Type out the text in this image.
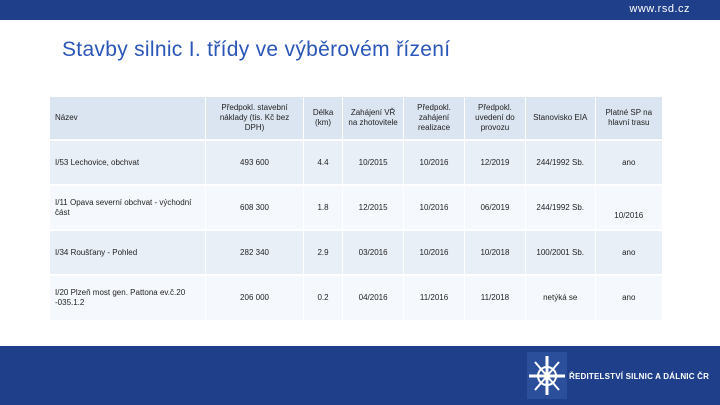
www.rsd.cz
Stavby silnic I. třídy ve výběrovém řízení
Název	Předpokl. stavební náklady (tis. Kč bez DPH)	Délka (km)	Zahájení VŘ na zhotovitele	Předpokl. zahájení realizace	Předpokl. uvedení do provozu	Stanovisko EIA	Platné SP na hlavní trasu
I/53 Lechovice, obchvat	493 600	4.4	10/2015	10/2016	12/2019	244/1992 Sb.	ano
I/11 Opava severní obchvat - východní část	608 300	1.8	12/2015	10/2016	06/2019	244/1992 Sb.	10/2016
I/34 Roušťany - Pohled	282 340	2.9	03/2016	10/2016	10/2018	100/2001 Sb.	ano
I/20 Plzeň most gen. Pattona ev.č.20 -035.1.2	206 000	0.2	04/2016	11/2016	11/2018	netýká se	ano
ŘEDITELSTVÍ SILNIC A DÁLNIC ČR
